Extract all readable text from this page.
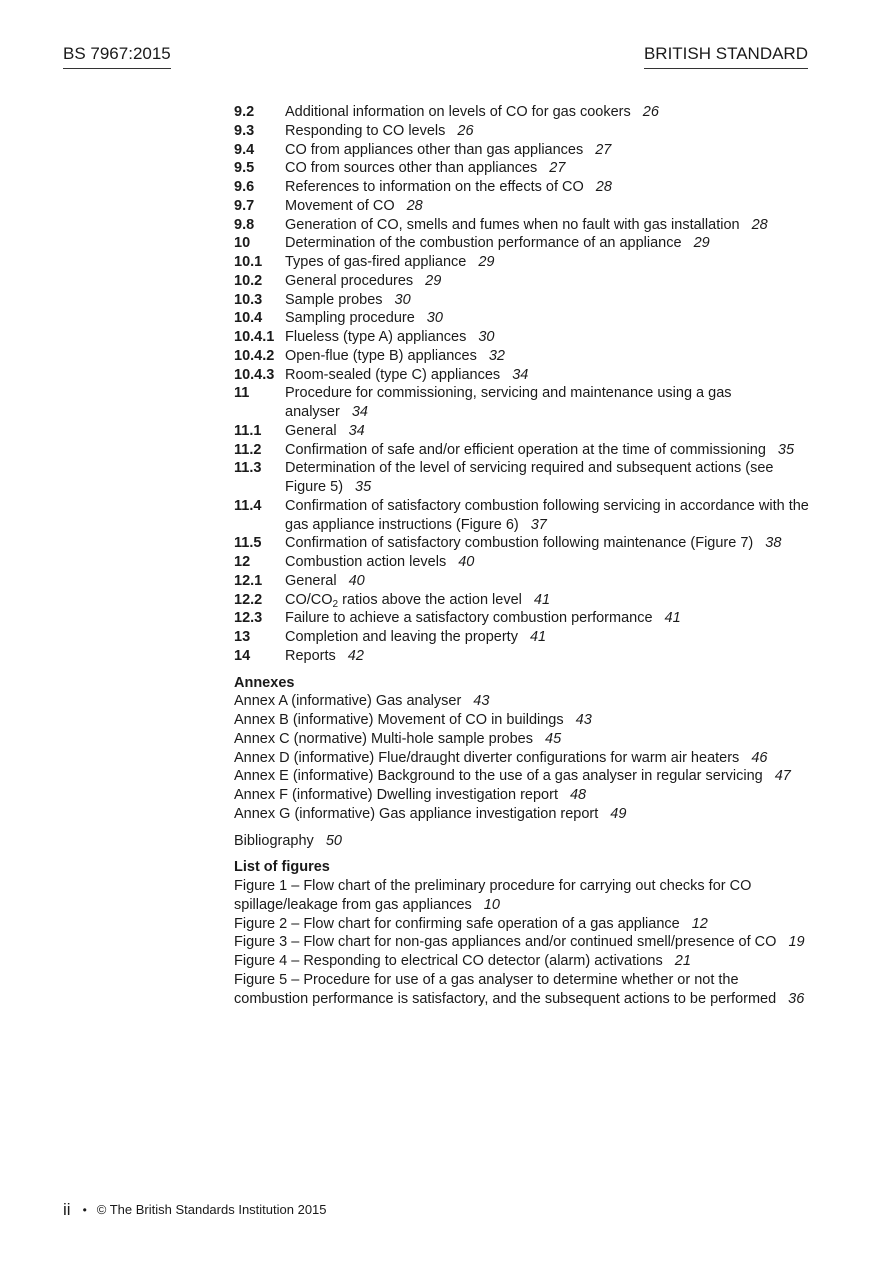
BS 7967:2015	BRITISH STANDARD
9.2	Additional information on levels of CO for gas cookers 26
9.3	Responding to CO levels 26
9.4	CO from appliances other than gas appliances 27
9.5	CO from sources other than appliances 27
9.6	References to information on the effects of CO 28
9.7	Movement of CO 28
9.8	Generation of CO, smells and fumes when no fault with gas installation 28
10	Determination of the combustion performance of an appliance 29
10.1	Types of gas-fired appliance 29
10.2	General procedures 29
10.3	Sample probes 30
10.4	Sampling procedure 30
10.4.1 Flueless (type A) appliances 30
10.4.2 Open-flue (type B) appliances 32
10.4.3 Room-sealed (type C) appliances 34
11	Procedure for commissioning, servicing and maintenance using a gas analyser 34
11.1	General 34
11.2	Confirmation of safe and/or efficient operation at the time of commissioning 35
11.3	Determination of the level of servicing required and subsequent actions (see Figure 5) 35
11.4	Confirmation of satisfactory combustion following servicing in accordance with the gas appliance instructions (Figure 6) 37
11.5	Confirmation of satisfactory combustion following maintenance (Figure 7) 38
12	Combustion action levels 40
12.1	General 40
12.2	$CO/CO_2$ ratios above the action level 41
12.3	Failure to achieve a satisfactory combustion performance 41
13	Completion and leaving the property 41
14	Reports 42
Annexes
Annex A (informative) Gas analyser 43
Annex B (informative) Movement of CO in buildings 43
Annex C (normative) Multi-hole sample probes 45
Annex D (informative) Flue/draught diverter configurations for warm air heaters 46
Annex E (informative) Background to the use of a gas analyser in regular servicing 47
Annex F (informative) Dwelling investigation report 48
Annex G (informative) Gas appliance investigation report 49
Bibliography 50
List of figures
Figure 1 – Flow chart of the preliminary procedure for carrying out checks for CO spillage/leakage from gas appliances 10
Figure 2 – Flow chart for confirming safe operation of a gas appliance 12
Figure 3 – Flow chart for non-gas appliances and/or continued smell/presence of CO 19
Figure 4 – Responding to electrical CO detector (alarm) activations 21
Figure 5 – Procedure for use of a gas analyser to determine whether or not the combustion performance is satisfactory, and the subsequent actions to be performed 36
ii • © The British Standards Institution 2015
